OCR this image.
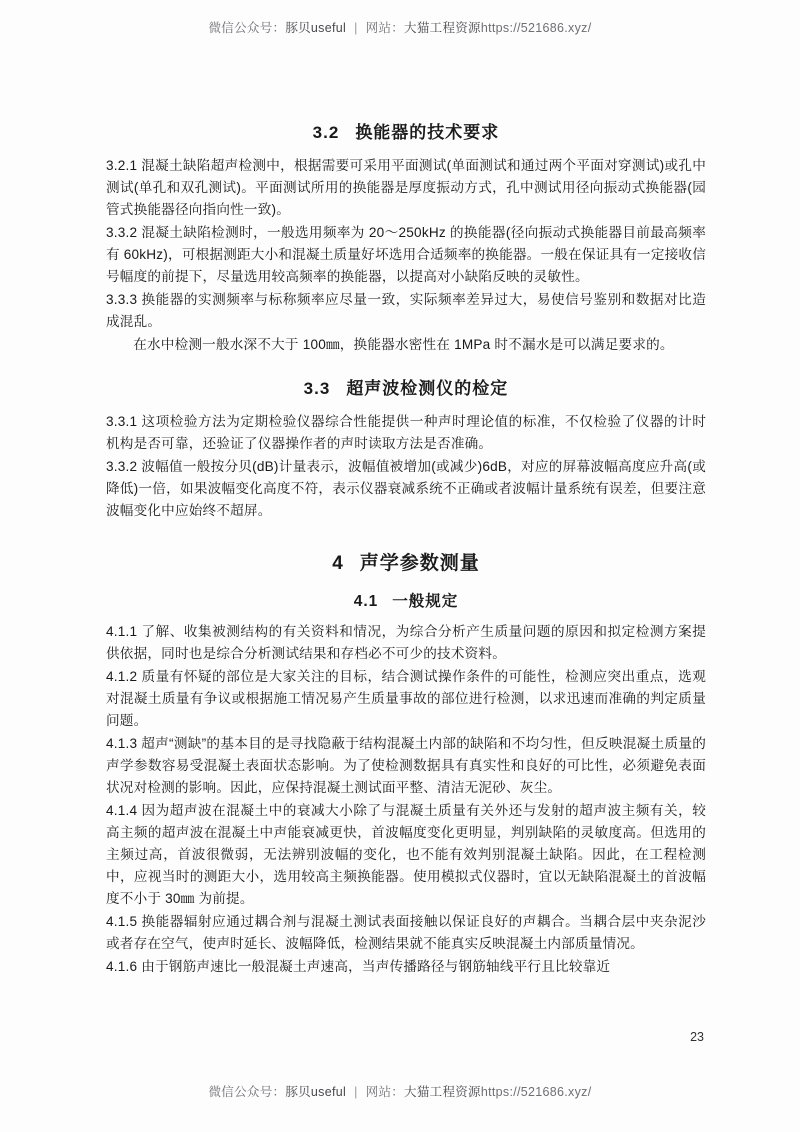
微信公众号：豚贝useful | 网站：大猫工程资源https://521686.xyz/
3.2 换能器的技术要求

3.2.1 混凝土缺陷超声检测中，根据需要可采用平面测试(单面测试和通过两个平面对穿测试)或孔中测试(单孔和双孔测试)。平面测试所用的换能器是厚度振动方式，孔中测试用径向振动式换能器(园管式换能器径向指向性一致)。

3.3.2 混凝土缺陷检测时，一般选用频率为 20～250kHz 的换能器(径向振动式换能器目前最高频率有 60kHz)，可根据测距大小和混凝土质量好坏选用合适频率的换能器。一般在保证具有一定接收信号幅度的前提下，尽量选用较高频率的换能器，以提高对小缺陷反映的灵敏性。

3.3.3 换能器的实测频率与标称频率应尽量一致，实际频率差异过大，易使信号鉴别和数据对比造成混乱。

在水中检测一般水深不大于 100㎜，换能器水密性在 1MPa 时不漏水是可以满足要求的。

3.3 超声波检测仪的检定

3.3.1 这项检验方法为定期检验仪器综合性能提供一种声时理论值的标准，不仅检验了仪器的计时机构是否可靠，还验证了仪器操作者的声时读取方法是否准确。

3.3.2 波幅值一般按分贝(dB)计量表示，波幅值被增加(或减少)6dB，对应的屏幕波幅高度应升高(或降低)一倍，如果波幅变化高度不符，表示仪器衰减系统不正确或者波幅计量系统有误差，但要注意波幅变化中应始终不超屏。

4 声学参数测量
4.1 一般规定

4.1.1 了解、收集被测结构的有关资料和情况，为综合分析产生质量问题的原因和拟定检测方案提供依据，同时也是综合分析测试结果和存档必不可少的技术资料。

4.1.2 质量有怀疑的部位是大家关注的目标，结合测试操作条件的可能性，检测应突出重点，选观对混凝土质量有争议或根据施工情况易产生质量事故的部位进行检测，以求迅速而准确的判定质量问题。

4.1.3 超声“测缺”的基本目的是寻找隐蔽于结构混凝土内部的缺陷和不均匀性，但反映混凝土质量的声学参数容易受混凝土表面状态影响。为了使检测数据具有真实性和良好的可比性，必须避免表面状况对检测的影响。因此，应保持混凝土测试面平整、清洁无泥砂、灰尘。

4.1.4 因为超声波在混凝土中的衰减大小除了与混凝土质量有关外还与发射的超声波主频有关，较高主频的超声波在混凝土中声能衰减更快，首波幅度变化更明显，判别缺陷的灵敏度高。但选用的主频过高，首波很微弱，无法辨别波幅的变化，也不能有效判别混凝土缺陷。因此，在工程检测中，应视当时的测距大小，选用较高主频换能器。使用模拟式仪器时，宜以无缺陷混凝土的首波幅度不小于 30㎜ 为前提。

4.1.5 换能器辐射应通过耦合剂与混凝土测试表面接触以保证良好的声耦合。当耦合层中夹杂泥沙或者存在空气，使声时延长、波幅降低，检测结果就不能真实反映混凝土内部质量情况。

4.1.6 由于钢筋声速比一般混凝土声速高，当声传播路径与钢筋轴线平行且比较靠近

23
微信公众号：豚贝useful | 网站：大猫工程资源https://521686.xyz/
